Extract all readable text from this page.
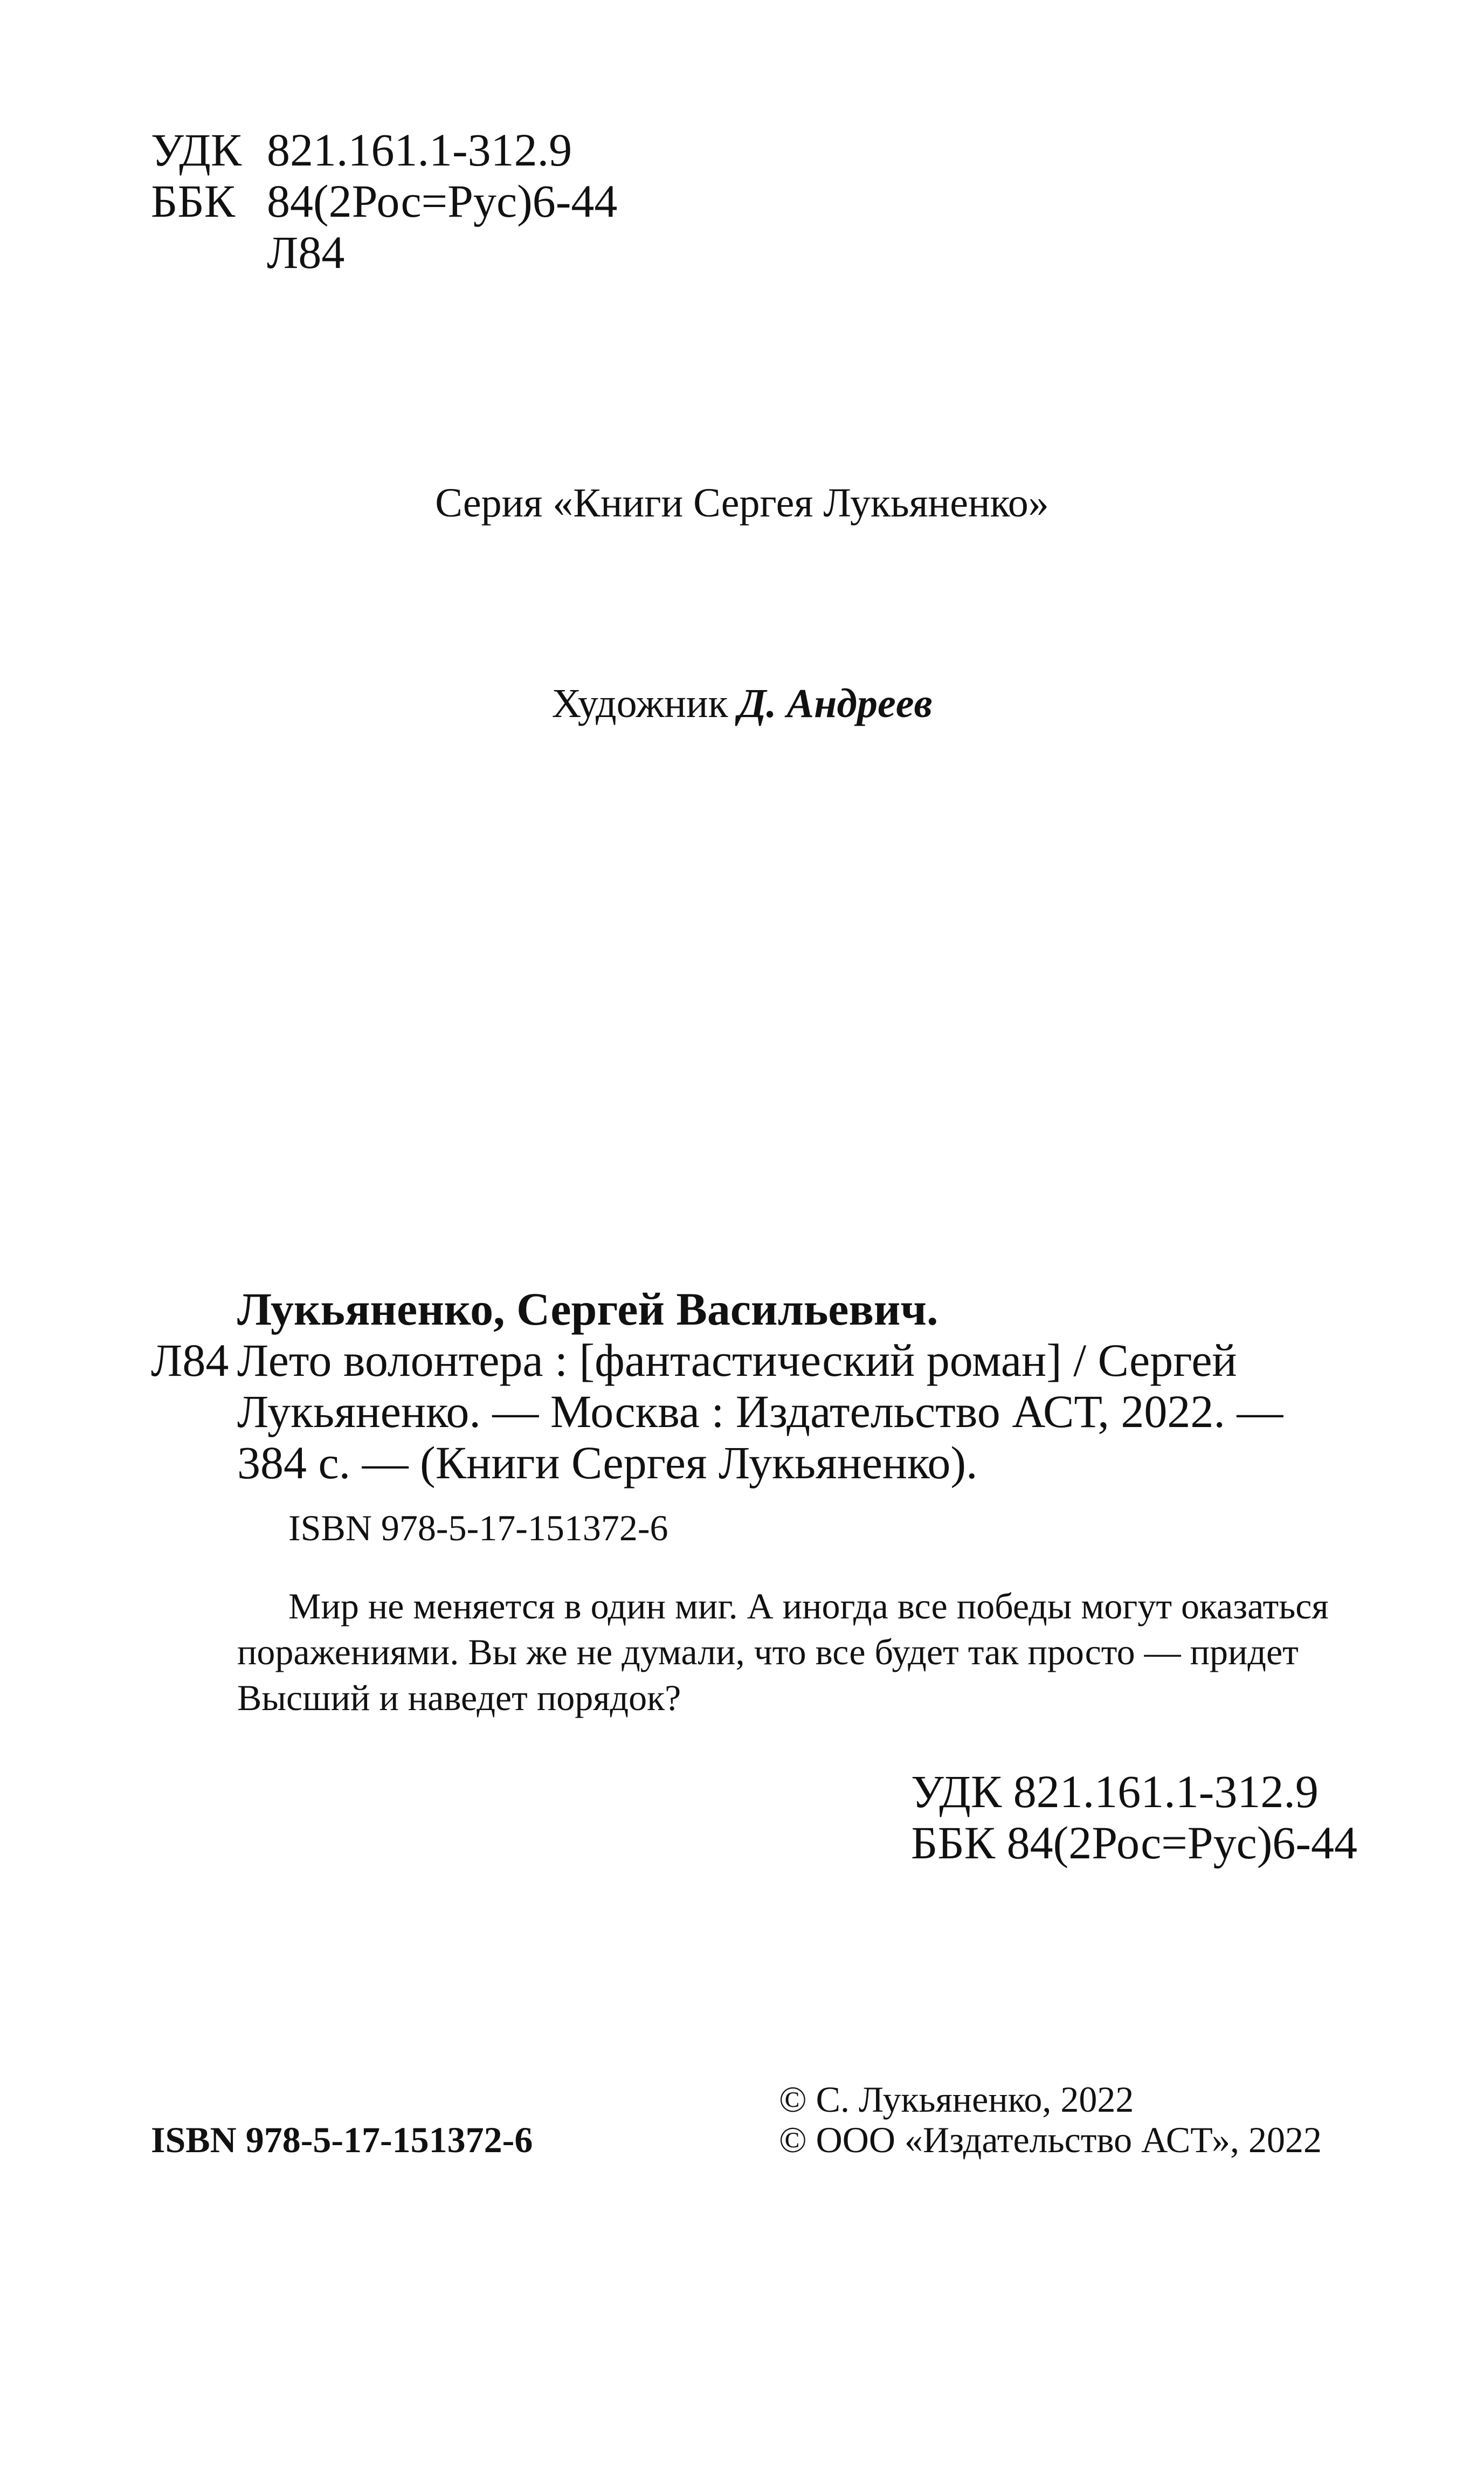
УДК 821.161.1-312.9
ББК 84(2Рос=Рус)6-44
Л84
Серия «Книги Сергея Лукьяненко»
Художник Д. Андреев
Лукьяненко, Сергей Васильевич.
Л84 Лето волонтера : [фантастический роман] / Сергей
Лукьяненко. — Москва : Издательство АСТ, 2022. —
384 с. — (Книги Сергея Лукьяненко).
ISBN 978-5-17-151372-6
Мир не меняется в один миг. А иногда все победы могут оказаться
поражениями. Вы же не думали, что все будет так просто — придет
Высший и наведет порядок?
УДК 821.161.1-312.9
ББК 84(2Рос=Рус)6-44
ISBN 978-5-17-151372-6
© С. Лукьяненко, 2022
© ООО «Издательство АСТ», 2022
